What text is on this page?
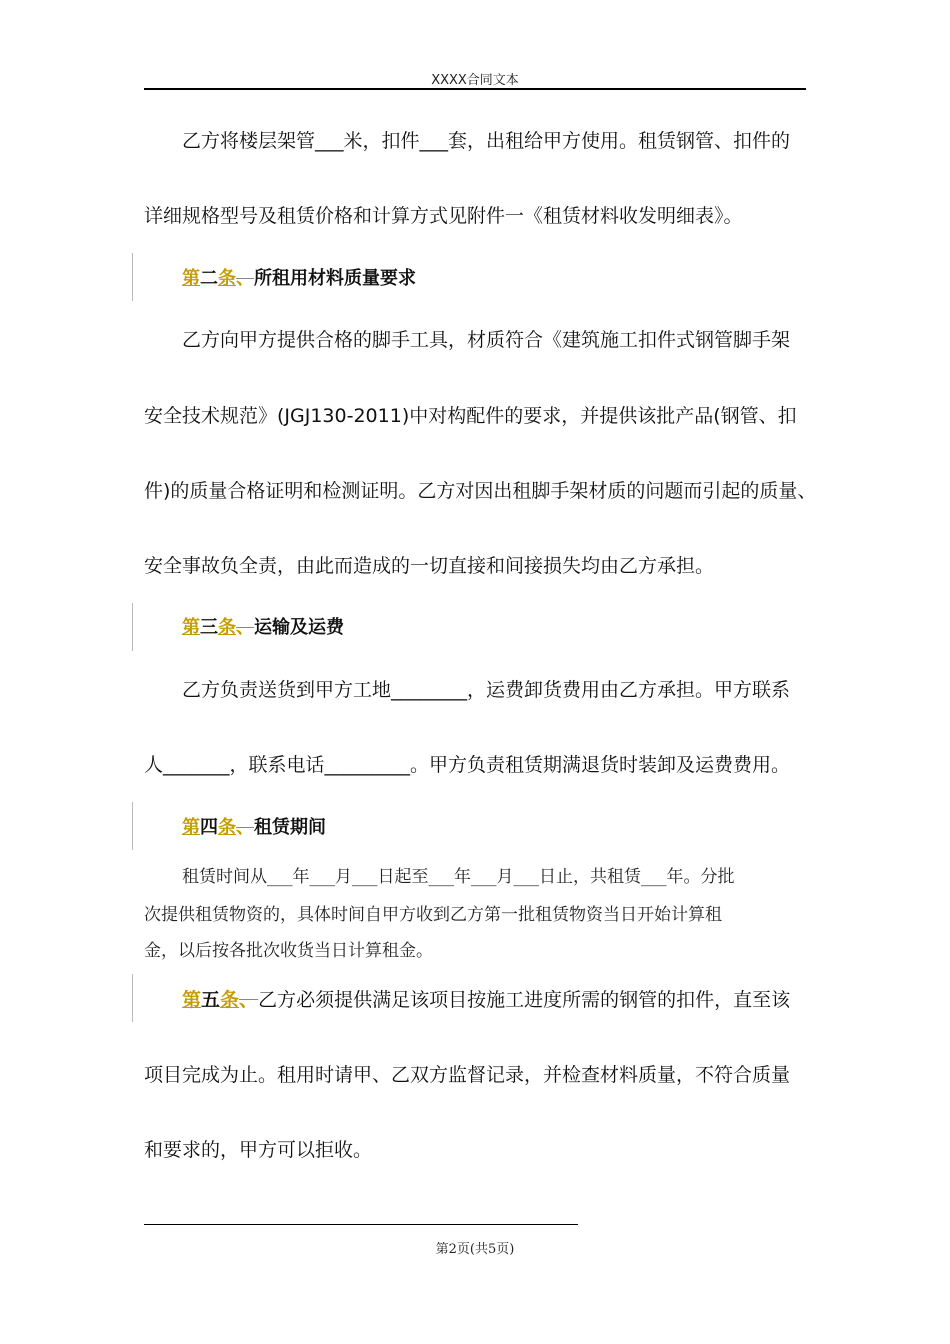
XXXX合同文本
乙方将楼层架管___米，扣件___套，出租给甲方使用。租赁钢管、扣件的
详细规格型号及租赁价格和计算方式见附件一《租赁材料收发明细表》。
第二条、所租用材料质量要求
乙方向甲方提供合格的脚手工具，材质符合《建筑施工扣件式钢管脚手架
安全技术规范》(JGJ130-2011)中对构配件的要求，并提供该批产品(钢管、扣
件)的质量合格证明和检测证明。乙方对因出租脚手架材质的问题而引起的质量、
安全事故负全责，由此而造成的一切直接和间接损失均由乙方承担。
第三条、运输及运费
乙方负责送货到甲方工地________，运费卸货费用由乙方承担。甲方联系
人_______，联系电话_________。甲方负责租赁期满退货时装卸及运费费用。
第四条、租赁期间
租赁时间从___年___月___日起至___年___月___日止，共租赁___年。分批
次提供租赁物资的，具体时间自甲方收到乙方第一批租赁物资当日开始计算租
金，以后按各批次收货当日计算租金。
第五条、乙方必须提供满足该项目按施工进度所需的钢管的扣件，直至该
项目完成为止。租用时请甲、乙双方监督记录，并检查材料质量，不符合质量
和要求的，甲方可以拒收。
第2页(共5页)
